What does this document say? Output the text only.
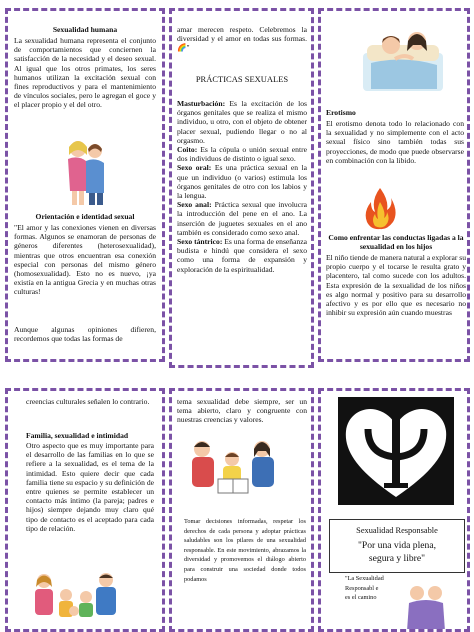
Sexualidad humana

La sexualidad humana representa el conjunto de comportamientos que conciernen la satisfacción de la necesidad y el deseo sexual. Al igual que los otros primates, los seres humanos utilizan la excitación sexual con fines reproductivos y para el mantenimiento de vínculos sociales, pero le agregan el goce y el placer propio y el del otro.

Orientación e identidad sexual

"El amor y las conexiones vienen en diversas formas. Algunos se enamoran de personas de géneros diferentes (heterosexualidad), mientras que otros encuentran esa conexión especial con personas del mismo género (homosexualidad). Esto no es nuevo, ¡ya existía en la antigua Grecia y en muchas otras culturas!

Aunque algunas opiniones difieren, recordemos que todas las formas de

amar merecen respeto. Celebremos la diversidad y el amor en todas sus formas. 🌈"

PRÁCTICAS SEXUALES

Masturbación: Es la excitación de los órganos genitales que se realiza el mismo individuo, u otro, con el objeto de obtener placer sexual, pudiendo llegar o no al orgasmo.

Coito: Es la cópula o unión sexual entre dos individuos de distinto o igual sexo.

Sexo oral: Es una práctica sexual en la que un individuo (o varios) estimula los órganos genitales de otro con los labios y la lengua.

Sexo anal: Práctica sexual que involucra la introducción del pene en el ano. La inserción de juguetes sexuales en el ano también es considerado como sexo anal.

Sexo tántrico: Es una forma de enseñanza budista e hindú que considera el sexo como una forma de expansión y exploración de la espiritualidad.

Erotismo

El erotismo denota todo lo relacionado con la sexualidad y no simplemente con el acto sexual físico sino también todas sus proyecciones, de modo que puede observarse en combinación con la libido.

Como enfrentar las conductas ligadas a la sexualidad en los hijos

El niño tiende de manera natural a explorar su propio cuerpo y el tocarse le resulta grato y placentero, tal como sucede con los adultos. Esta expresión de la sexualidad de los niños es algo normal y positivo para su desarrollo afectivo y es por ello que es necesario no inhibir su expresión aún cuando muestras

creencias culturales señalen lo contrario.

Familia, sexualidad e intimidad

Otro aspecto que es muy importante para el desarrollo de las familias en lo que se refiere a la sexualidad, es el tema de la intimidad. Esto quiere decir que cada familia tiene su espacio y su definición de entre quienes se permite establecer un contacto más íntimo (la pareja; padres e hijos) siempre dejando muy claro qué tipo de contacto es el aceptado para cada tipo de relación.

tema sexualidad debe siempre, ser un tema abierto, claro y congruente con nuestras creencias y valores.

Tomar decisiones informadas, respetar los derechos de cada persona y adoptar prácticas saludables son los pilares de una sexualidad responsable. En este movimiento, abrazamos la diversidad y promovemos el diálogo abierto para construir una sociedad donde todos podamos

Sexualidad Responsable

"Por una vida plena,

segura y libre"

"La Sexualidad Responsabl e es el camino
